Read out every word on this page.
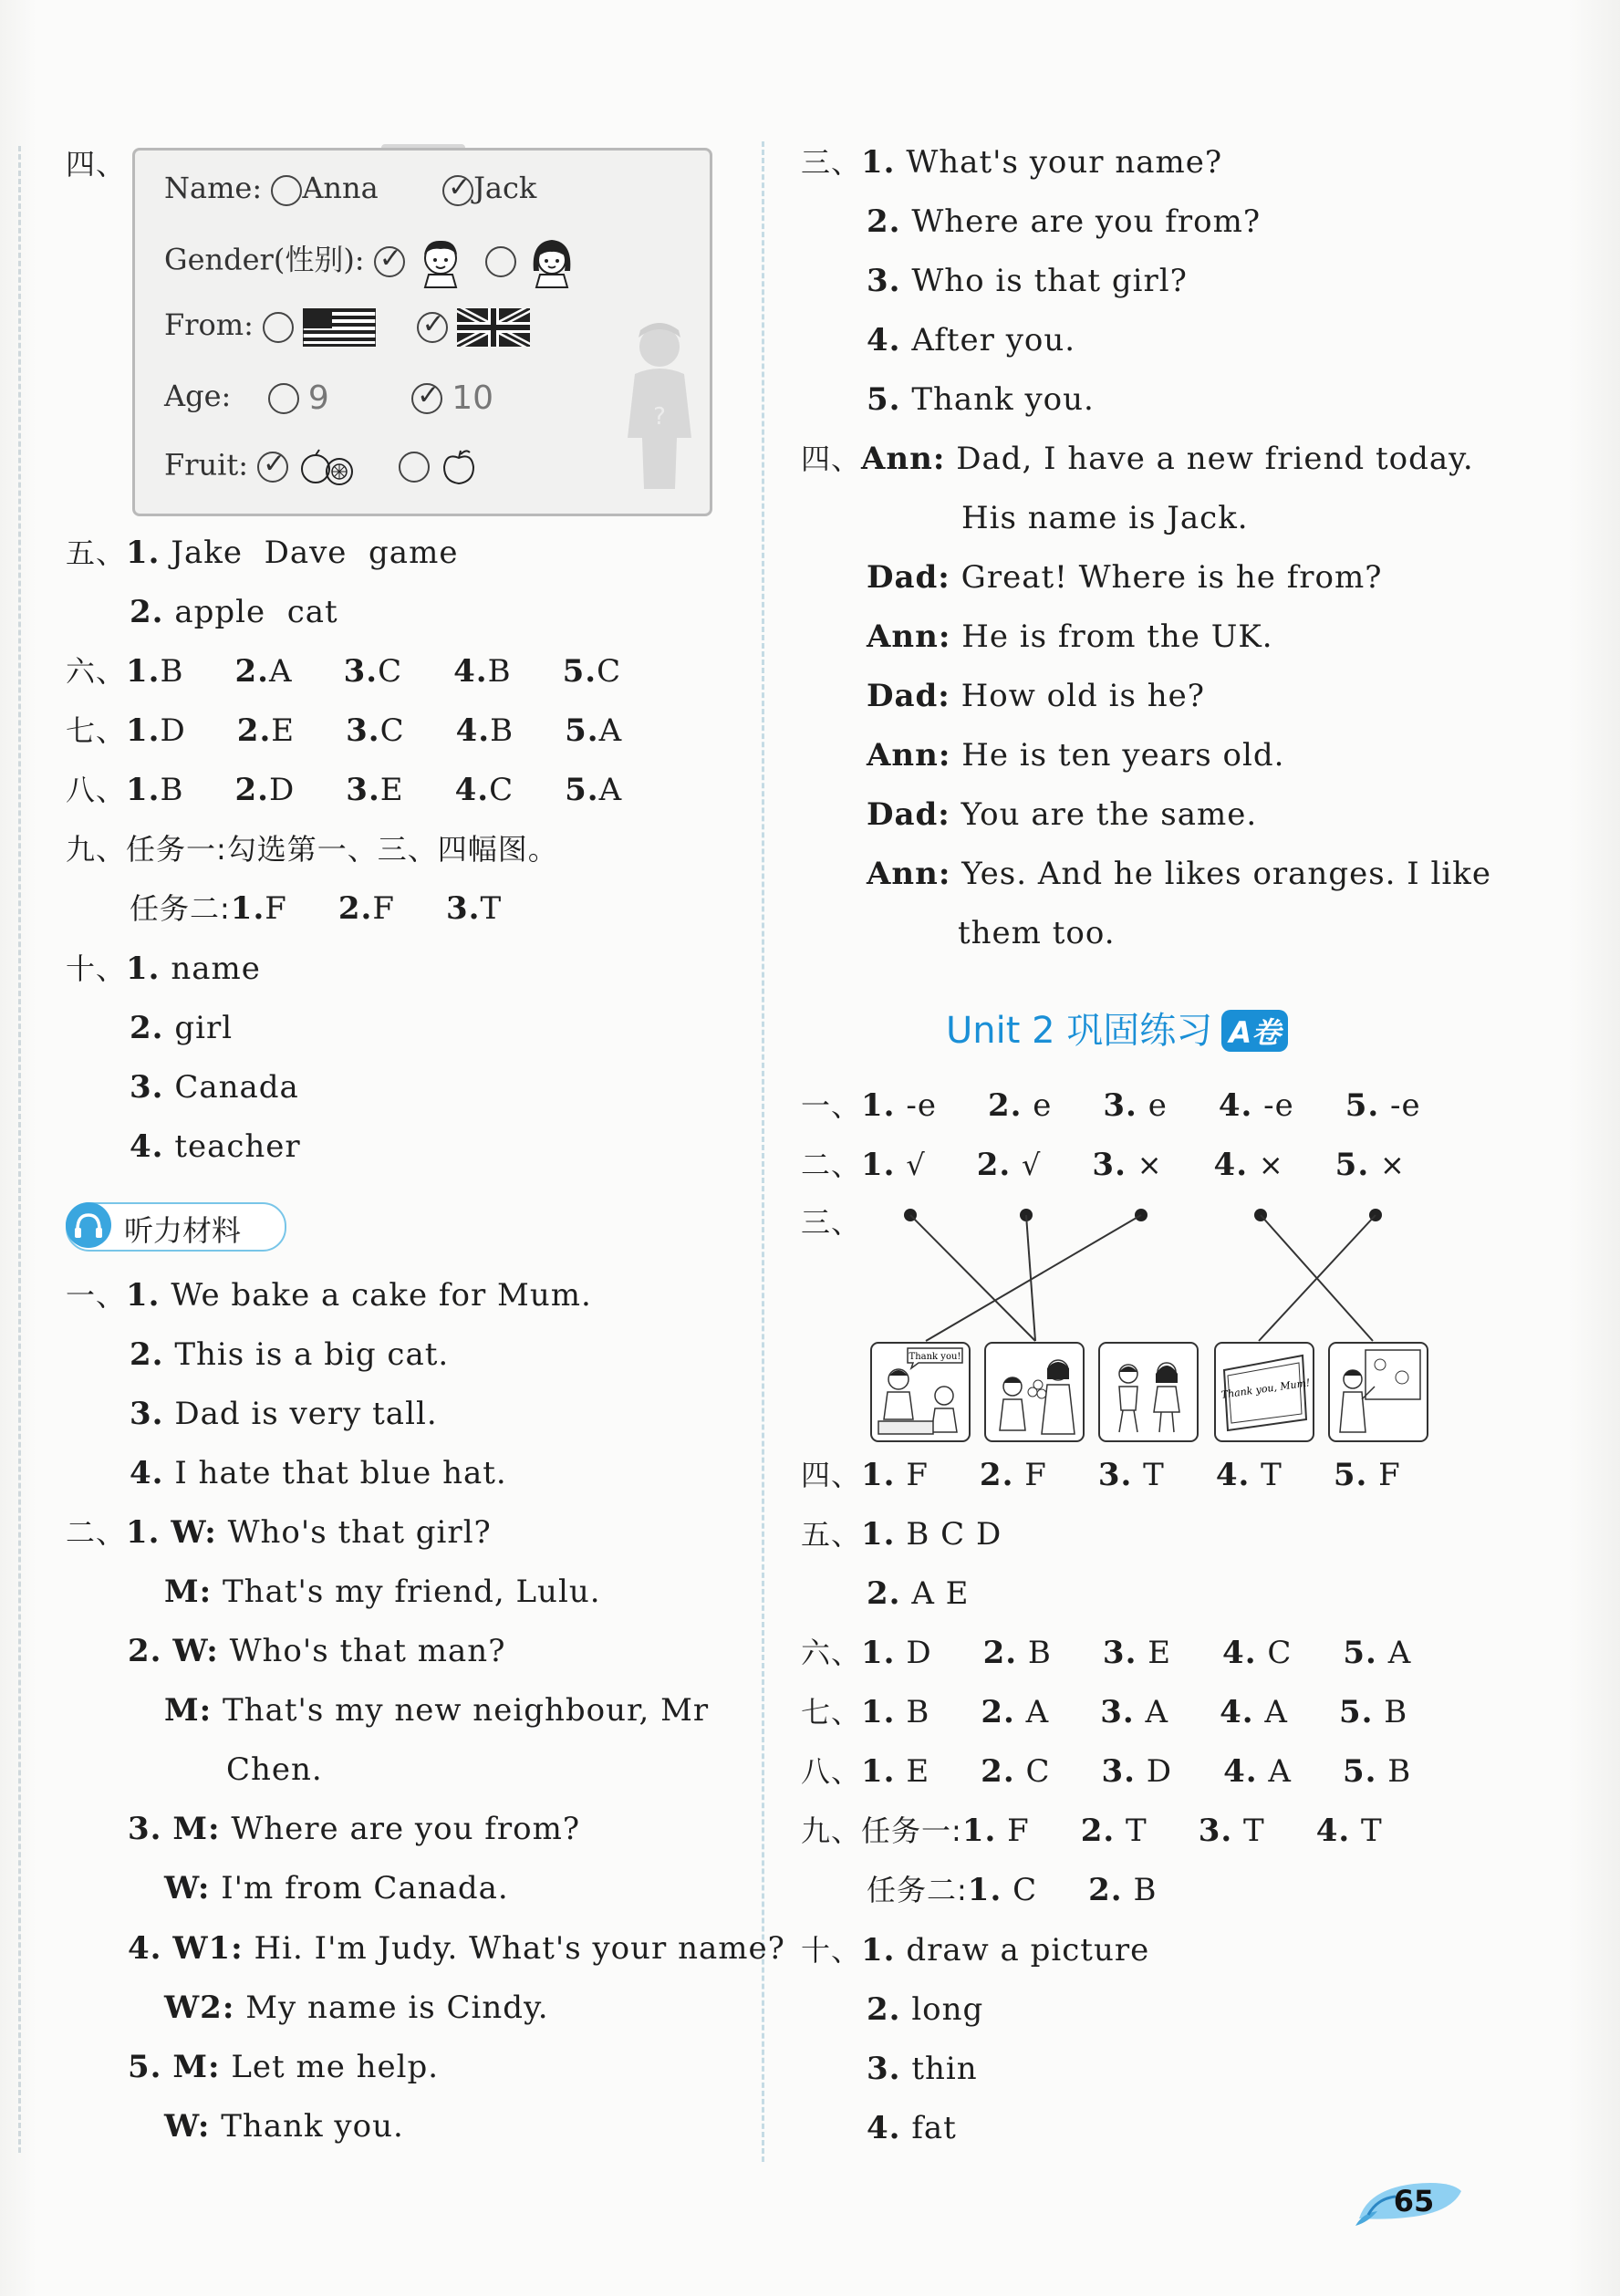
四、
Name: Anna ✓	Jack
Gender(性别): ✓
From:    ✓
Age: 9 ✓	10
Fruit: ✓
?
五、1. Jake  Dave  game
2. apple  cat
六、1.B 2.A 3.C 4.B 5.C
七、1.D 2.E 3.C 4.B 5.A
八、1.B 2.D 3.E 4.C 5.A
九、任务一:勾选第一、三、四幅图。
任务二:1.F 2.F 3.T
十、1. name
2. girl
3. Canada
4. teacher
听力材料
一、1. We bake a cake for Mum.
2. This is a big cat.
3. Dad is very tall.
4. I hate that blue hat.
二、1. W: Who's that girl?
M: That's my friend, Lulu.
2. W: Who's that man?
M: That's my new neighbour, Mr
Chen.
3. M: Where are you from?
W: I'm from Canada.
4. W1: Hi. I'm Judy. What's your name?
W2: My name is Cindy.
5. M: Let me help.
W: Thank you.
三、1. What's your name?
2. Where are you from?
3. Who is that girl?
4. After you.
5. Thank you.
四、Ann: Dad, I have a new friend today.
His name is Jack.
Dad: Great! Where is he from?
Ann: He is from the UK.
Dad: How old is he?
Ann: He is ten years old.
Dad: You are the same.
Ann: Yes. And he likes oranges. I like
them too.
Unit 2 巩固练习 A卷
一、1. -e 2. e 3. e 4. -e 5. -e
二、1. √ 2. √ 3. × 4. × 5. ×
三、
Thank you!
Thank you, Mum!
四、1. F 2. F 3. T 4. T 5. F
五、1. B C D
2. A E
六、1. D 2. B 3. E 4. C 5. A
七、1. B 2. A 3. A 4. A 5. B
八、1. E 2. C 3. D 4. A 5. B
九、任务一:1. F 2. T 3. T 4. T
任务二:1. C 2. B
十、1. draw a picture
2. long
3. thin
4. fat
65
